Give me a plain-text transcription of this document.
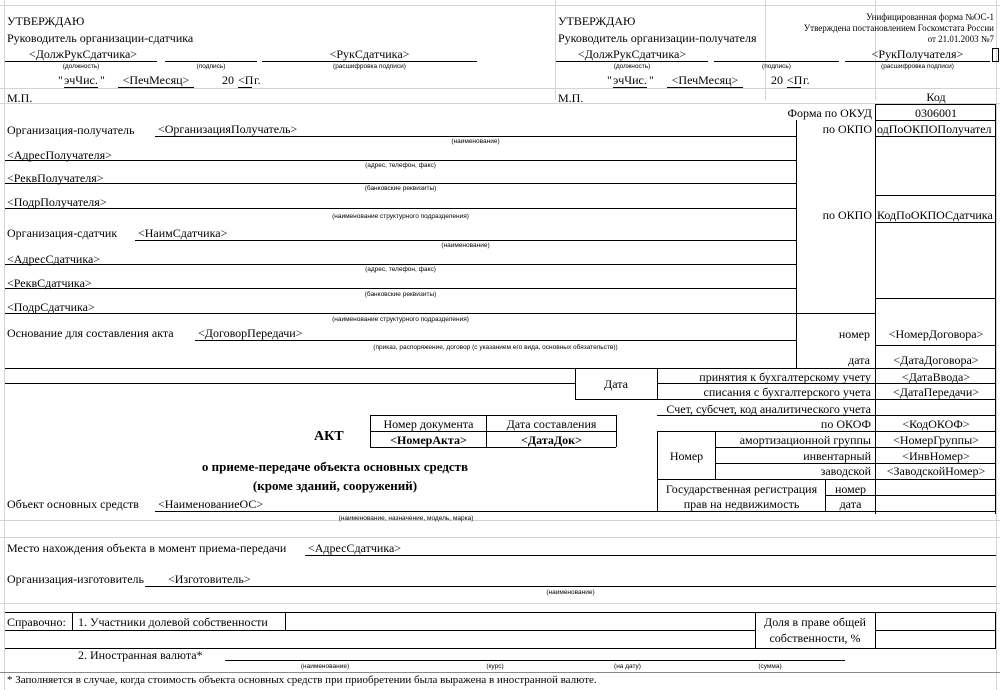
УТВЕРЖДАЮ
Руководитель организации-сдатчика
<ДолжРукСдатчика>	<РукСдатчика>
(должность)	(подпись)	(расшифровка подписи)
" эчЧис. "	<ПечМесяц>	20 <П г.
М.П.
УТВЕРЖДАЮ
Руководитель организации-получателя
<ДолжРукСдатчика>	<РукПолучателя>
(должность)	(подпись)	(расшифровка подписи)
" эчЧис. "	<ПечМесяц>	20 <П г.
М.П.
Унифицированная форма №ОС-1
Утверждена постановлением Госкомстата России
от 21.01.2003 №7
Код
Форма по ОКУД	0306001
по ОКПО одПоОКПОПолучател
по ОКПО КодПоОКПОСдатчика
Организация-получатель <ОрганизацияПолучатель>
(наименование)
<АдресПолучателя>
(адрес, телефон, факс)
<РеквПолучателя>
(банковские реквизиты)
<ПодрПолучателя>
(наименование структурного подразделения)
Организация-сдатчик <НаимСдатчика>
(наименование)
<АдресСдатчика>
(адрес, телефон, факс)
<РеквСдатчика>
(банковские реквизиты)
<ПодрСдатчика>
(наименование структурного подразделения)
Основание для составления акта <ДоговорПередачи>
(приказ, распоряжение, договор (с указанием его вида, основных обязательств))
номер	<НомерДоговора>
дата	<ДатаДоговора>
Дата	принятия к бухгалтерскому учету	<ДатаВвода>
списания с бухгалтерского учета	<ДатаПередачи>
Счет, субсчет, код аналитического учета
АКТ
Номер документа	Дата составления
<НомерАкта>	<ДатаДок>
о приеме-передаче объекта основных средств
(кроме зданий, сооружений)
по ОКОФ	<КодОКОФ>
Номер
амортизационной группы	<НомерГруппы>
инвентарный	<ИнвНомер>
заводской	<ЗаводскойНомер>
Государственная регистрация
прав на недвижимость
номер
дата
Объект основных средств <НаименованиеОС>
(наименование, назначение, модель, марка)
Место нахождения объекта в момент приема-передачи <АдресСдатчика>
Организация-изготовитель <Изготовитель>
(наименование)
Справочно: 1. Участники долевой собственности	Доля в праве общей
собственности, %
2. Иностранная валюта*
(наименование)	(курс)	(на дату)	(сумма)
* Заполняется в случае, когда стоимость объекта основных средств при приобретении была выражена в иностранной валюте.
